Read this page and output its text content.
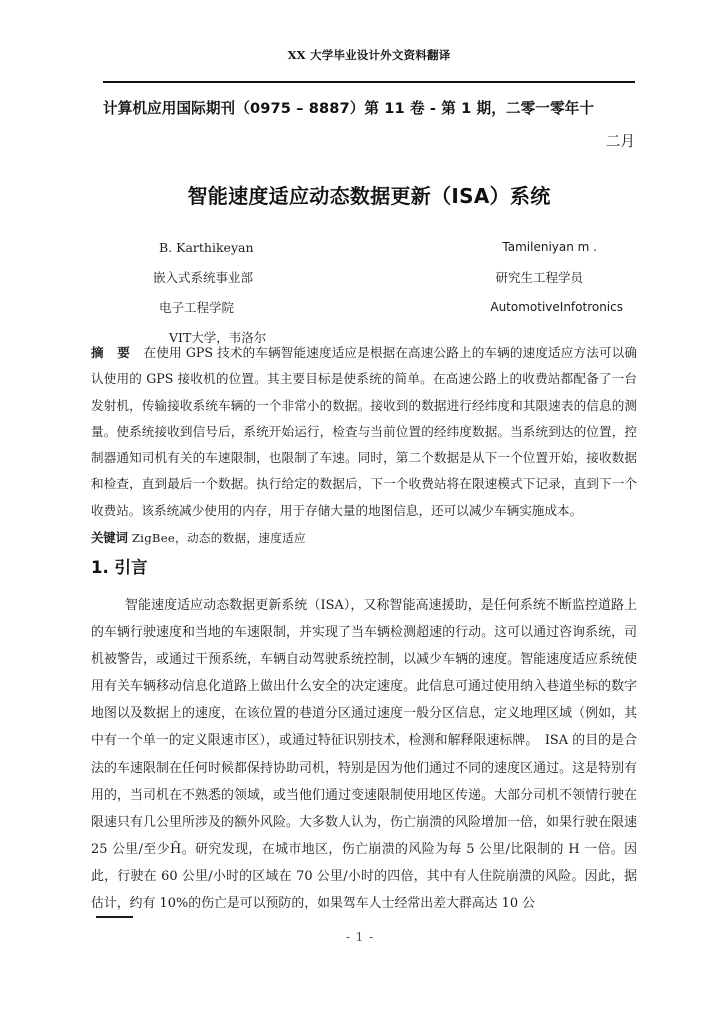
XX 大学毕业设计外文资料翻译
计算机应用国际期刊（0975 – 8887）第 11 卷 - 第 1 期，二零一零年十
二月
智能速度适应动态数据更新（ISA）系统
B. Karthikeyan	Tamileniyan m .
嵌入式系统事业部	研究生工程学员
电子工程学院	AutomotiveInfotronics
VIT大学，韦洛尔

摘 要 在使用 GPS 技术的车辆智能速度适应是根据在高速公路上的车辆的速度适应方法可以确认使用的 GPS 接收机的位置。其主要目标是使系统的简单。在高速公路上的收费站都配备了一台发射机，传输接收系统车辆的一个非常小的数据。接收到的数据进行经纬度和其限速表的信息的测量。使系统接收到信号后，系统开始运行，检查与当前位置的经纬度数据。当系统到达的位置，控制器通知司机有关的车速限制，也限制了车速。同时，第二个数据是从下一个位置开始，接收数据和检查，直到最后一个数据。执行给定的数据后，下一个收费站将在限速模式下记录，直到下一个收费站。该系统减少使用的内存，用于存储大量的地图信息，还可以减少车辆实施成本。

关键词 ZigBee，动态的数据，速度适应
1. 引言

智能速度适应动态数据更新系统（ISA），又称智能高速援助，是任何系统不断监控道路上的车辆行驶速度和当地的车速限制，并实现了当车辆检测超速的行动。这可以通过咨询系统，司机被警告，或通过干预系统，车辆自动驾驶系统控制，以减少车辆的速度。智能速度适应系统使用有关车辆移动信息化道路上做出什么安全的决定速度。此信息可通过使用纳入巷道坐标的数字地图以及数据上的速度，在该位置的巷道分区通过速度一般分区信息，定义地理区域（例如，其中有一个单一的定义限速市区），或通过特征识别技术，检测和解释限速标牌。　ISA 的目的是合法的车速限制在任何时候都保持协助司机，特别是因为他们通过不同的速度区通过。这是特别有用的，当司机在不熟悉的领域，或当他们通过变速限制使用地区传递。大部分司机不领情行驶在限速只有几公里所涉及的额外风险。大多数人认为，伤亡崩溃的风险增加一倍，如果行驶在限速 25 公里/至少Ĥ。研究发现，在城市地区，伤亡崩溃的风险为每 5 公里/比限制的 H 一倍。因此，行驶在 60 公里/小时的区域在 70 公里/小时的四倍，其中有人住院崩溃的风险。因此，据估计，约有 10%的伤亡是可以预防的，如果驾车人士经常出差大群高达 10 公

- 1 -
